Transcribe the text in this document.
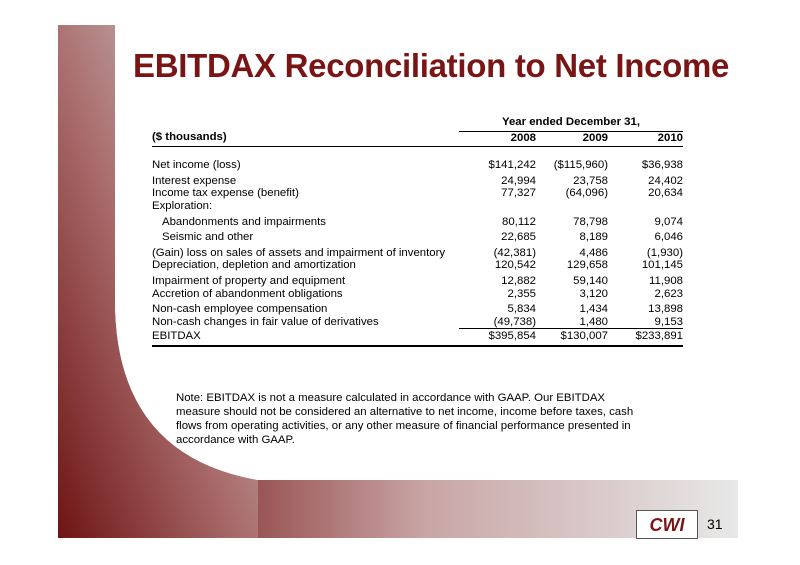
EBITDAX Reconciliation to Net Income
	Year ended December 31,		
($ thousands)	2008	2009	2010

Net income (loss)	$141,242	($115,960)	$36,938
Interest expense	24,994	23,758	24,402
Income tax expense (benefit)	77,327	(64,096)	20,634
Exploration:			
Abandonments and impairments	80,112	78,798	9,074
Seismic and other	22,685	8,189	6,046
(Gain) loss on sales of assets and impairment of inventory	(42,381)	4,486	(1,930)
Depreciation, depletion and amortization	120,542	129,658	101,145
Impairment of property and equipment	12,882	59,140	11,908
Accretion of abandonment obligations	2,355	3,120	2,623
Non-cash employee compensation	5,834	1,434	13,898
Non-cash changes in fair value of derivatives	(49,738)	1,480	9,153
EBITDAX	$395,854	$130,007	$233,891

Note: EBITDAX is not a measure calculated in accordance with GAAP. Our EBITDAX measure should not be considered an alternative to net income, income before taxes, cash flows from operating activities, or any other measure of financial performance presented in accordance with GAAP.

CWI 31
